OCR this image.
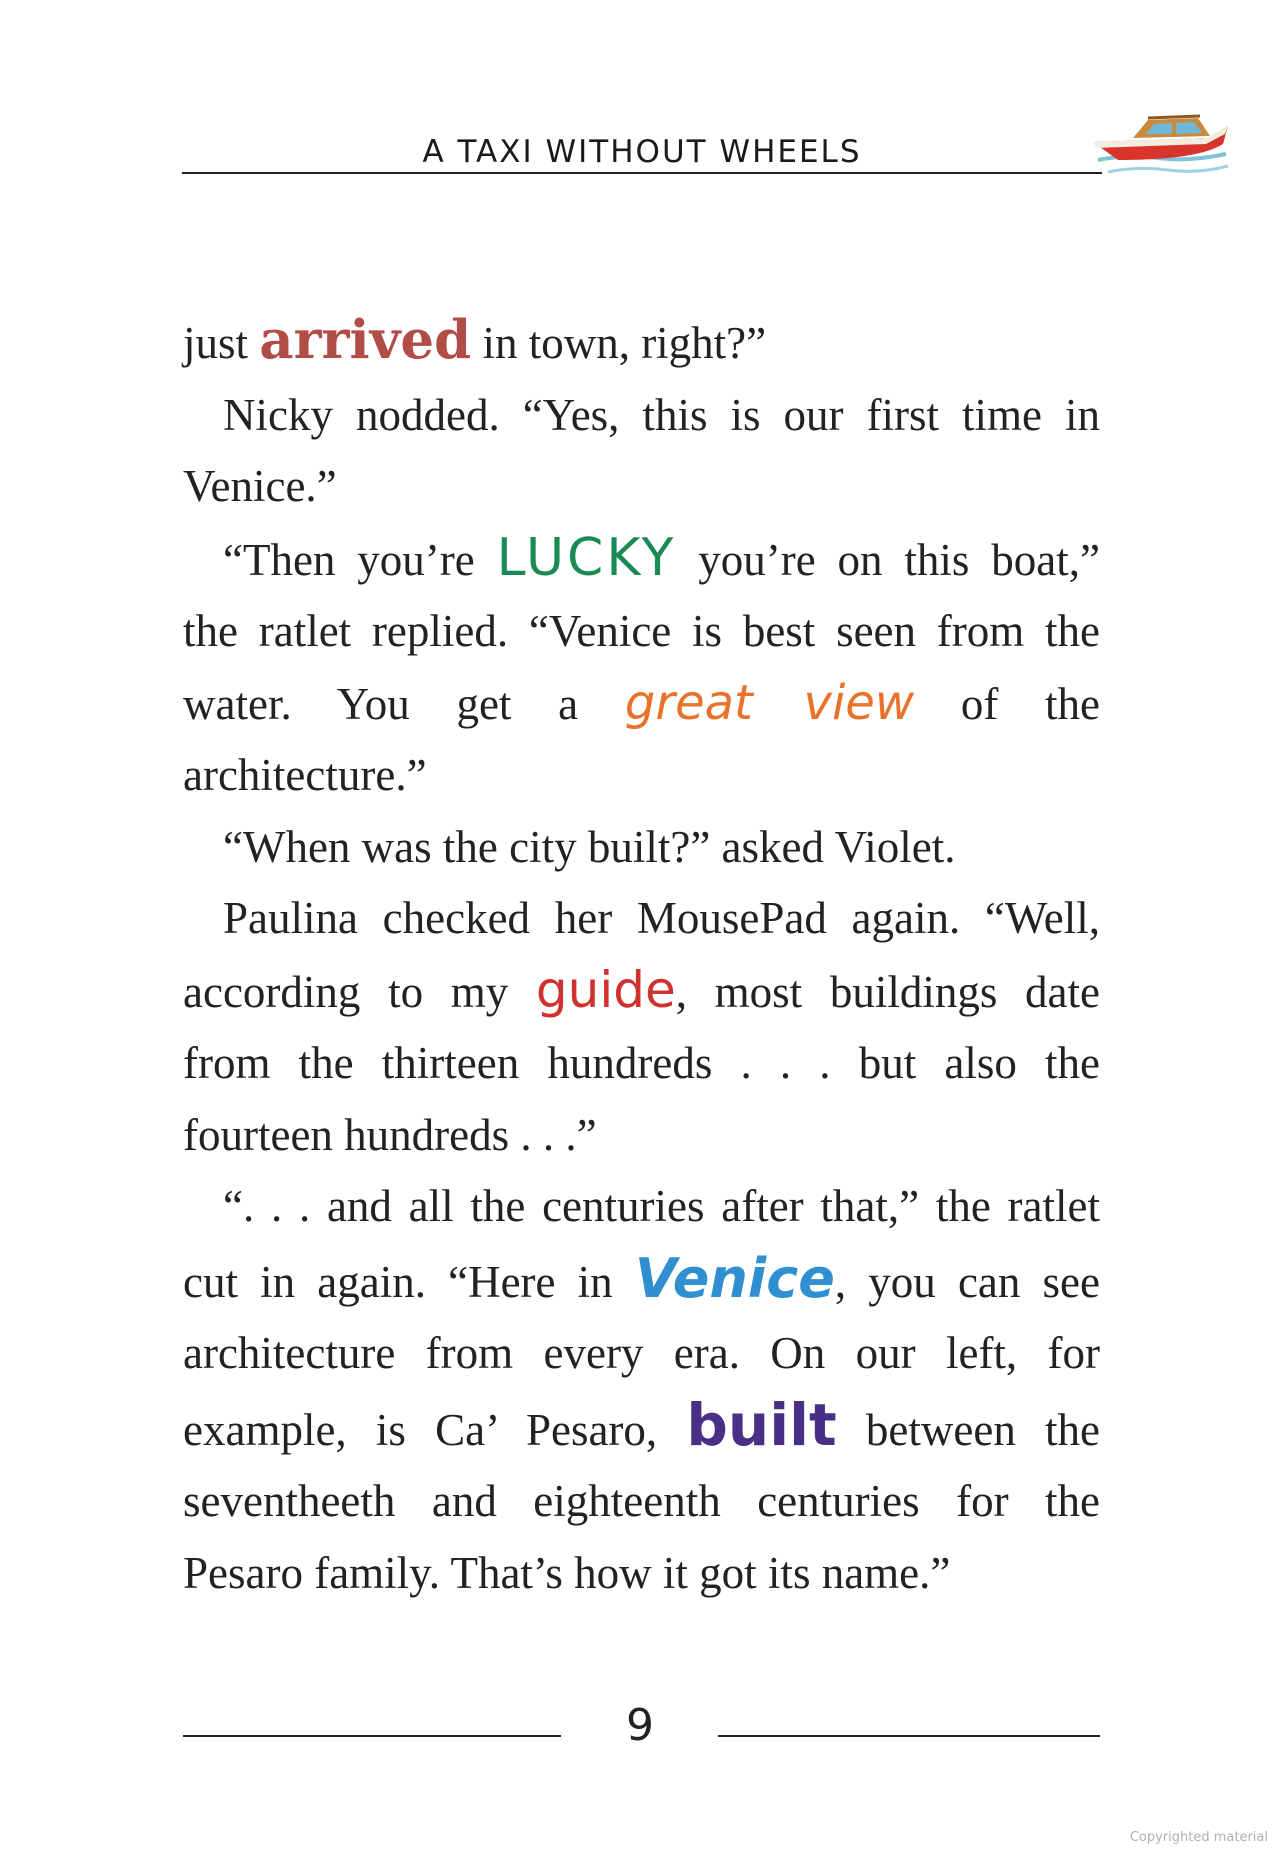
A TAXI WITHOUT WHEELS

just arrived in town, right?”

Nicky nodded. “Yes, this is our first time in Venice.”

“Then you’re LUCKY you’re on this boat,” the ratlet replied. “Venice is best seen from the water. You get a great view of the architecture.”

“When was the city built?” asked Violet.

Paulina checked her MousePad again. “Well, according to my guide, most buildings date from the thirteen hundreds . . . but also the fourteen hundreds . . .”

“. . . and all the centuries after that,” the ratlet cut in again. “Here in Venice, you can see architecture from every era. On our left, for example, is Ca’ Pesaro, built between the seventheeth and eighteenth centuries for the Pesaro family. That’s how it got its name.”

9
Copyrighted material
